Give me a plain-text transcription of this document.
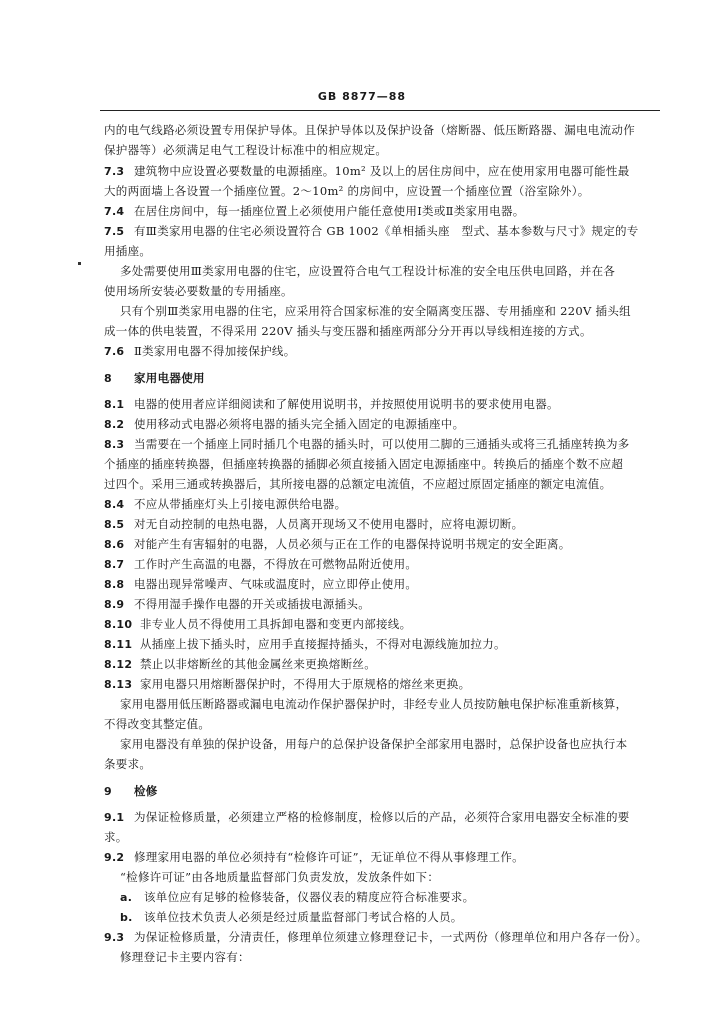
GB 8877—88
内的电气线路必须设置专用保护导体。且保护导体以及保护设备（熔断器、低压断路器、漏电电流动作
保护器等）必须满足电气工程设计标准中的相应规定。
7.3 建筑物中应设置必要数量的电源插座。10m² 及以上的居住房间中，应在使用家用电器可能性最
大的两面墙上各设置一个插座位置。2～10m² 的房间中，应设置一个插座位置（浴室除外）。
7.4 在居住房间中，每一插座位置上必须使用户能任意使用Ⅰ类或Ⅱ类家用电器。
7.5 有Ⅲ类家用电器的住宅必须设置符合 GB 1002《单相插头座　型式、基本参数与尺寸》规定的专
用插座。
多处需要使用Ⅲ类家用电器的住宅，应设置符合电气工程设计标准的安全电压供电回路，并在各
使用场所安装必要数量的专用插座。
只有个别Ⅲ类家用电器的住宅，应采用符合国家标准的安全隔离变压器、专用插座和 220V 插头组
成一体的供电装置，不得采用 220V 插头与变压器和插座两部分分开再以导线相连接的方式。
7.6 Ⅱ类家用电器不得加接保护线。
8 家用电器使用
8.1 电器的使用者应详细阅读和了解使用说明书，并按照使用说明书的要求使用电器。
8.2 使用移动式电器必须将电器的插头完全插入固定的电源插座中。
8.3 当需要在一个插座上同时插几个电器的插头时，可以使用二脚的三通插头或将三孔插座转换为多
个插座的插座转换器，但插座转换器的插脚必须直接插入固定电源插座中。转换后的插座个数不应超
过四个。采用三通或转换器后，其所接电器的总额定电流值，不应超过原固定插座的额定电流值。
8.4 不应从带插座灯头上引接电源供给电器。
8.5 对无自动控制的电热电器，人员离开现场又不使用电器时，应将电源切断。
8.6 对能产生有害辐射的电器，人员必须与正在工作的电器保持说明书规定的安全距离。
8.7 工作时产生高温的电器，不得放在可燃物品附近使用。
8.8 电器出现异常噪声、气味或温度时，应立即停止使用。
8.9 不得用湿手操作电器的开关或插拔电源插头。
8.10 非专业人员不得使用工具拆卸电器和变更内部接线。
8.11 从插座上拔下插头时，应用手直接握持插头，不得对电源线施加拉力。
8.12 禁止以非熔断丝的其他金属丝来更换熔断丝。
8.13 家用电器只用熔断器保护时，不得用大于原规格的熔丝来更换。
家用电器用低压断路器或漏电电流动作保护器保护时，非经专业人员按防触电保护标准重新核算，
不得改变其整定值。
家用电器没有单独的保护设备，用每户的总保护设备保护全部家用电器时，总保护设备也应执行本
条要求。
9 检修
9.1 为保证检修质量，必须建立严格的检修制度，检修以后的产品，必须符合家用电器安全标准的要
求。
9.2 修理家用电器的单位必须持有“检修许可证”，无证单位不得从事修理工作。
“检修许可证”由各地质量监督部门负责发放，发放条件如下：
a. 该单位应有足够的检修装备，仪器仪表的精度应符合标准要求。
b. 该单位技术负责人必须是经过质量监督部门考试合格的人员。
9.3 为保证检修质量，分清责任，修理单位须建立修理登记卡，一式两份（修理单位和用户各存一份）。
修理登记卡主要内容有：
